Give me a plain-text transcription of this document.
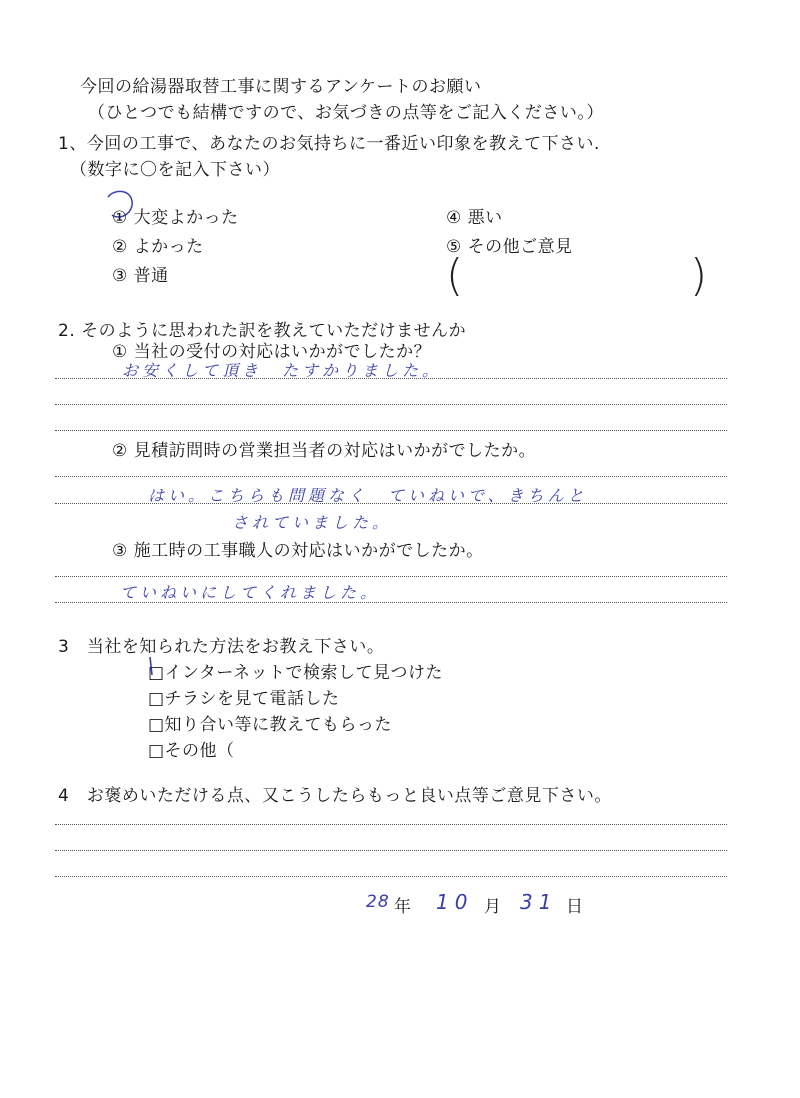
今回の給湯器取替工事に関するアンケートのお願い
（ひとつでも結構ですので、お気づきの点等をご記入ください。）
1、今回の工事で、あなたのお気持ちに一番近い印象を教えて下さい.
（数字に〇を記入下さい）
① 大変よかった
② よかった
③ 普通
④ 悪い
⑤ その他ご意見
(	)
2. そのように思われた訳を教えていただけませんか
① 当社の受付の対応はいかがでしたか？
お安くして頂き　たすかりました。
② 見積訪問時の営業担当者の対応はいかがでしたか。
はい。こちらも問題なく　ていねいで、きちんと
されていました。
③ 施工時の工事職人の対応はいかがでしたか。
ていねいにしてくれました。
3　当社を知られた方法をお教え下さい。
□インターネットで検索して見つけた
□チラシを見て電話した
□知り合い等に教えてもらった
□その他（
4　お褒めいただける点、又こうしたらもっと良い点等ご意見下さい。
28 年 10 月 31 日
